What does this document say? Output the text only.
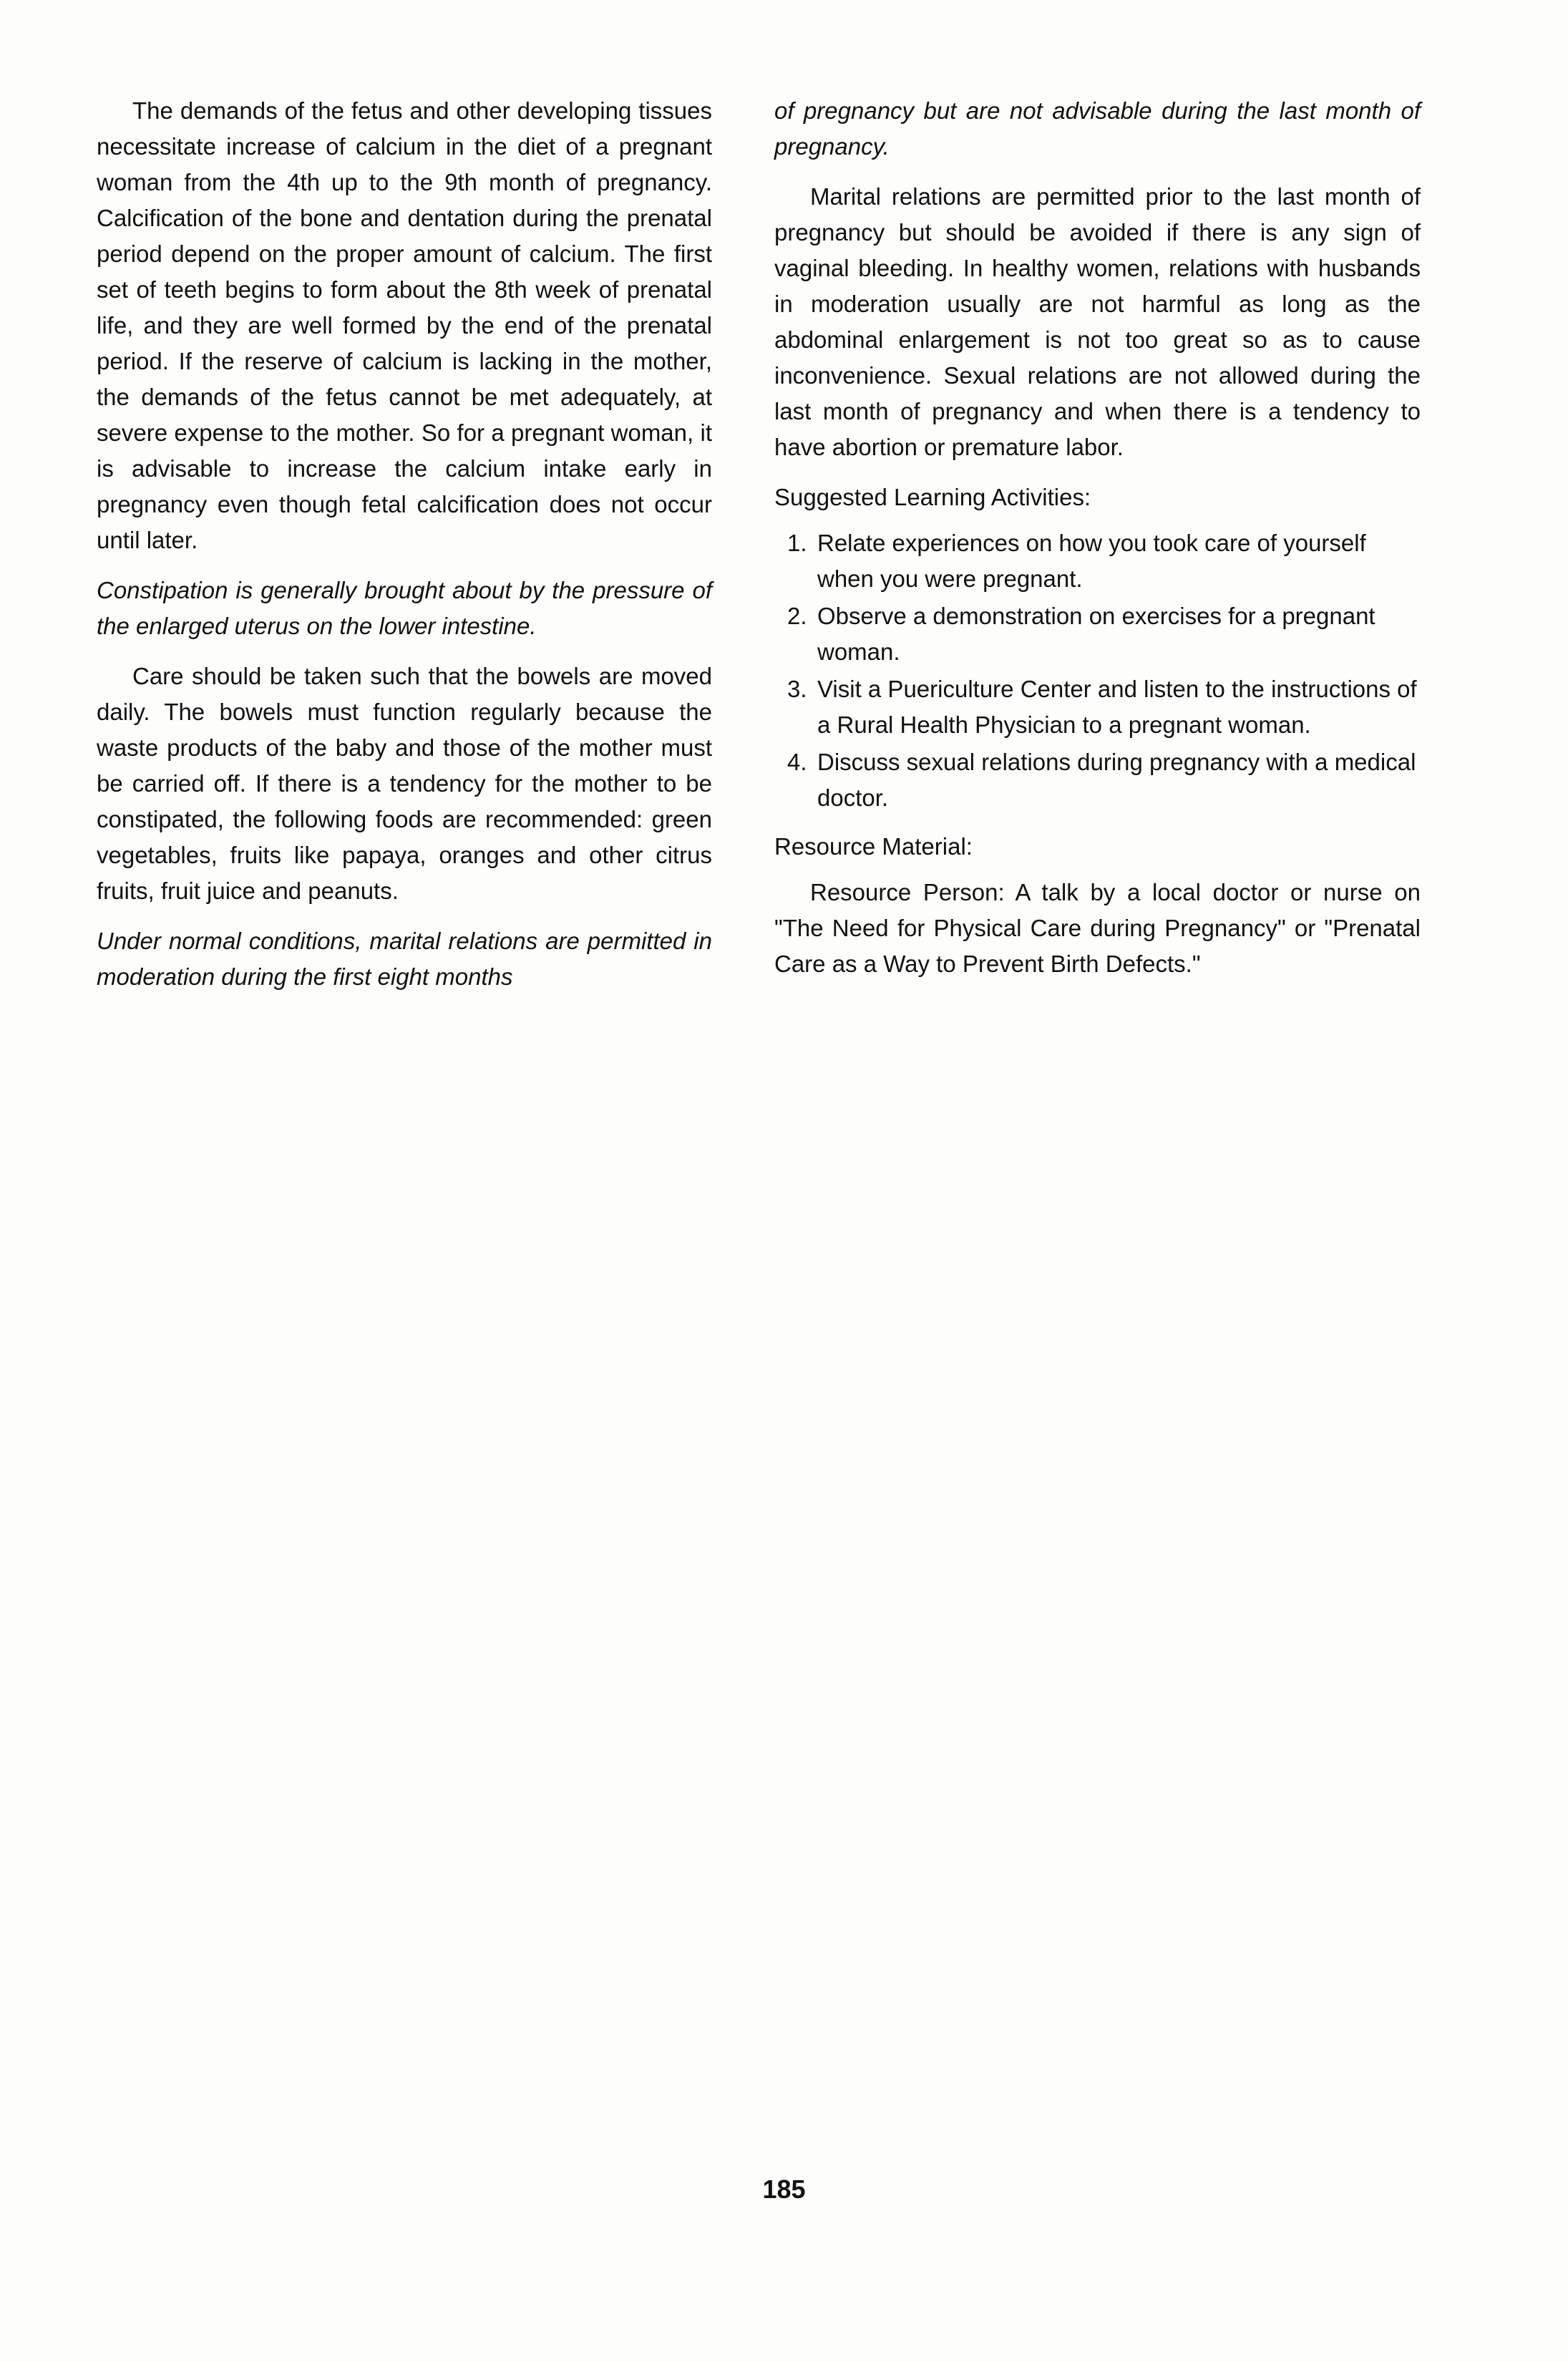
The demands of the fetus and other developing tissues necessitate increase of calcium in the diet of a pregnant woman from the 4th up to the 9th month of pregnancy. Calcification of the bone and dentation during the prenatal period depend on the proper amount of calcium. The first set of teeth begins to form about the 8th week of prenatal life, and they are well formed by the end of the prenatal period. If the reserve of calcium is lacking in the mother, the demands of the fetus cannot be met adequately, at severe expense to the mother. So for a pregnant woman, it is advisable to increase the calcium intake early in pregnancy even though fetal calcification does not occur until later.

Constipation is generally brought about by the pressure of the enlarged uterus on the lower intestine.

Care should be taken such that the bowels are moved daily. The bowels must function regularly because the waste products of the baby and those of the mother must be carried off. If there is a tendency for the mother to be constipated, the following foods are recommended: green vegetables, fruits like papaya, oranges and other citrus fruits, fruit juice and peanuts.

Under normal conditions, marital relations are permitted in moderation during the first eight months

of pregnancy but are not advisable during the last month of pregnancy.

Marital relations are permitted prior to the last month of pregnancy but should be avoided if there is any sign of vaginal bleeding. In healthy women, relations with husbands in moderation usually are not harmful as long as the abdominal enlargement is not too great so as to cause inconvenience. Sexual relations are not allowed during the last month of pregnancy and when there is a tendency to have abortion or premature labor.

Suggested Learning Activities:
1. Relate experiences on how you took care of yourself when you were pregnant.
2. Observe a demonstration on exercises for a pregnant woman.
3. Visit a Puericulture Center and listen to the instructions of a Rural Health Physician to a pregnant woman.
4. Discuss sexual relations during pregnancy with a medical doctor.
Resource Material:

Resource Person: A talk by a local doctor or nurse on "The Need for Physical Care during Pregnancy" or "Prenatal Care as a Way to Prevent Birth Defects."

185
